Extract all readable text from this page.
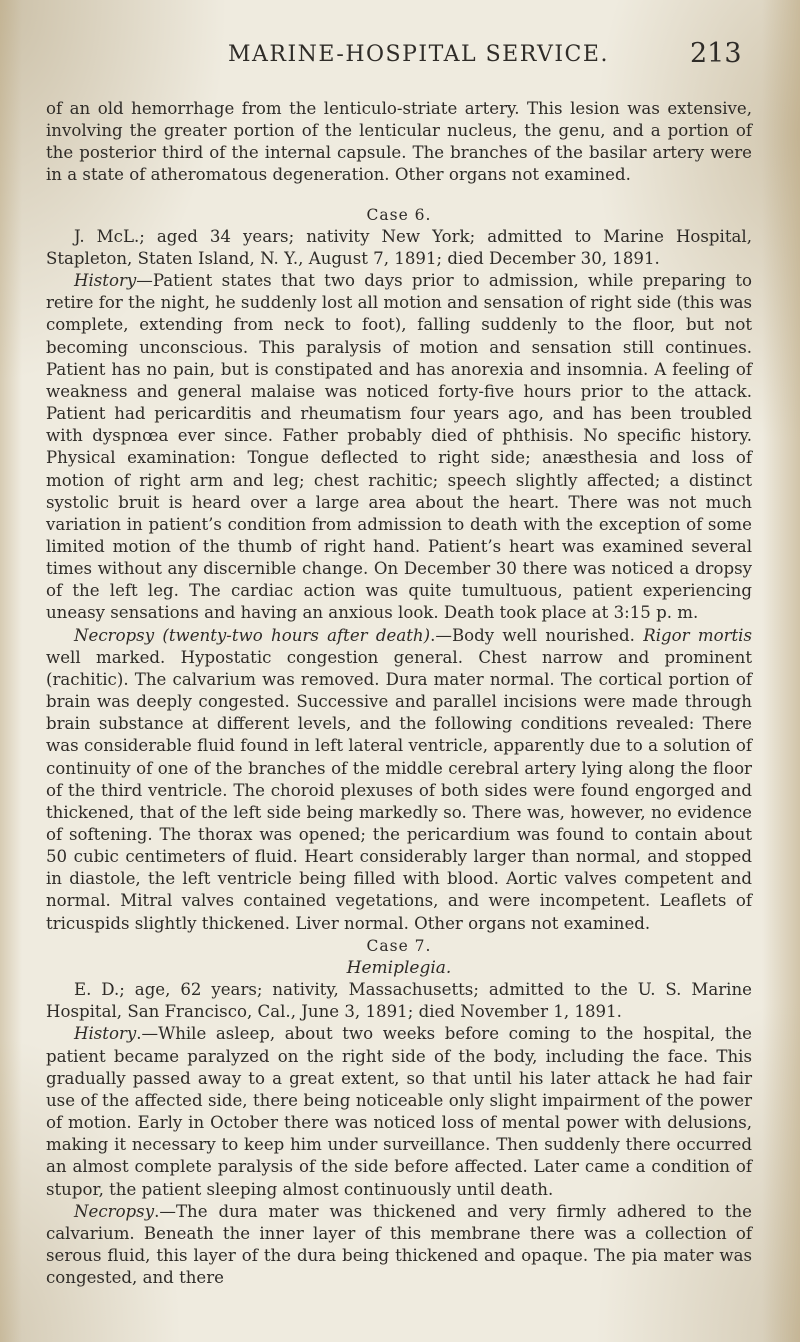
MARINE-HOSPITAL SERVICE.	213

of an old hemorrhage from the lenticulo-striate artery. This lesion was extensive, involving the greater portion of the lenticular nucleus, the genu, and a portion of the posterior third of the internal capsule. The branches of the basilar artery were in a state of atheromatous degeneration. Other organs not examined.

Case 6.

J. McL.; aged 34 years; nativity New York; admitted to Marine Hospital, Stapleton, Staten Island, N. Y., August 7, 1891; died December 30, 1891.

History—Patient states that two days prior to admission, while preparing to retire for the night, he suddenly lost all motion and sensation of right side (this was complete, extending from neck to foot), falling suddenly to the floor, but not becoming unconscious. This paralysis of motion and sensation still continues. Patient has no pain, but is constipated and has anorexia and insomnia. A feeling of weakness and general malaise was noticed forty-five hours prior to the attack. Patient had pericarditis and rheumatism four years ago, and has been troubled with dyspnœa ever since. Father probably died of phthisis. No specific history. Physical examination: Tongue deflected to right side; anæsthesia and loss of motion of right arm and leg; chest rachitic; speech slightly affected; a distinct systolic bruit is heard over a large area about the heart. There was not much variation in patient’s condition from admission to death with the exception of some limited motion of the thumb of right hand. Patient’s heart was examined several times without any discernible change. On December 30 there was noticed a dropsy of the left leg. The cardiac action was quite tumultuous, patient experiencing uneasy sensations and having an anxious look. Death took place at 3:15 p. m.

Necropsy (twenty-two hours after death).—Body well nourished. Rigor mortis well marked. Hypostatic congestion general. Chest narrow and prominent (rachitic). The calvarium was removed. Dura mater normal. The cortical portion of brain was deeply congested. Successive and parallel incisions were made through brain substance at different levels, and the following conditions revealed: There was considerable fluid found in left lateral ventricle, apparently due to a solution of continuity of one of the branches of the middle cerebral artery lying along the floor of the third ventricle. The choroid plexuses of both sides were found engorged and thickened, that of the left side being markedly so. There was, however, no evidence of softening. The thorax was opened; the pericardium was found to contain about 50 cubic centimeters of fluid. Heart considerably larger than normal, and stopped in diastole, the left ventricle being filled with blood. Aortic valves competent and normal. Mitral valves contained vegetations, and were incompetent. Leaflets of tricuspids slightly thickened. Liver normal. Other organs not examined.

Case 7.

Hemiplegia.

E. D.; age, 62 years; nativity, Massachusetts; admitted to the U. S. Marine Hospital, San Francisco, Cal., June 3, 1891; died November 1, 1891.

History.—While asleep, about two weeks before coming to the hospital, the patient became paralyzed on the right side of the body, including the face. This gradually passed away to a great extent, so that until his later attack he had fair use of the affected side, there being noticeable only slight impairment of the power of motion. Early in October there was noticed loss of mental power with delusions, making it necessary to keep him under surveillance. Then suddenly there occurred an almost complete paralysis of the side before affected. Later came a condition of stupor, the patient sleeping almost continuously until death.

Necropsy.—The dura mater was thickened and very firmly adhered to the calvarium. Beneath the inner layer of this membrane there was a collection of serous fluid, this layer of the dura being thickened and opaque. The pia mater was congested, and there
